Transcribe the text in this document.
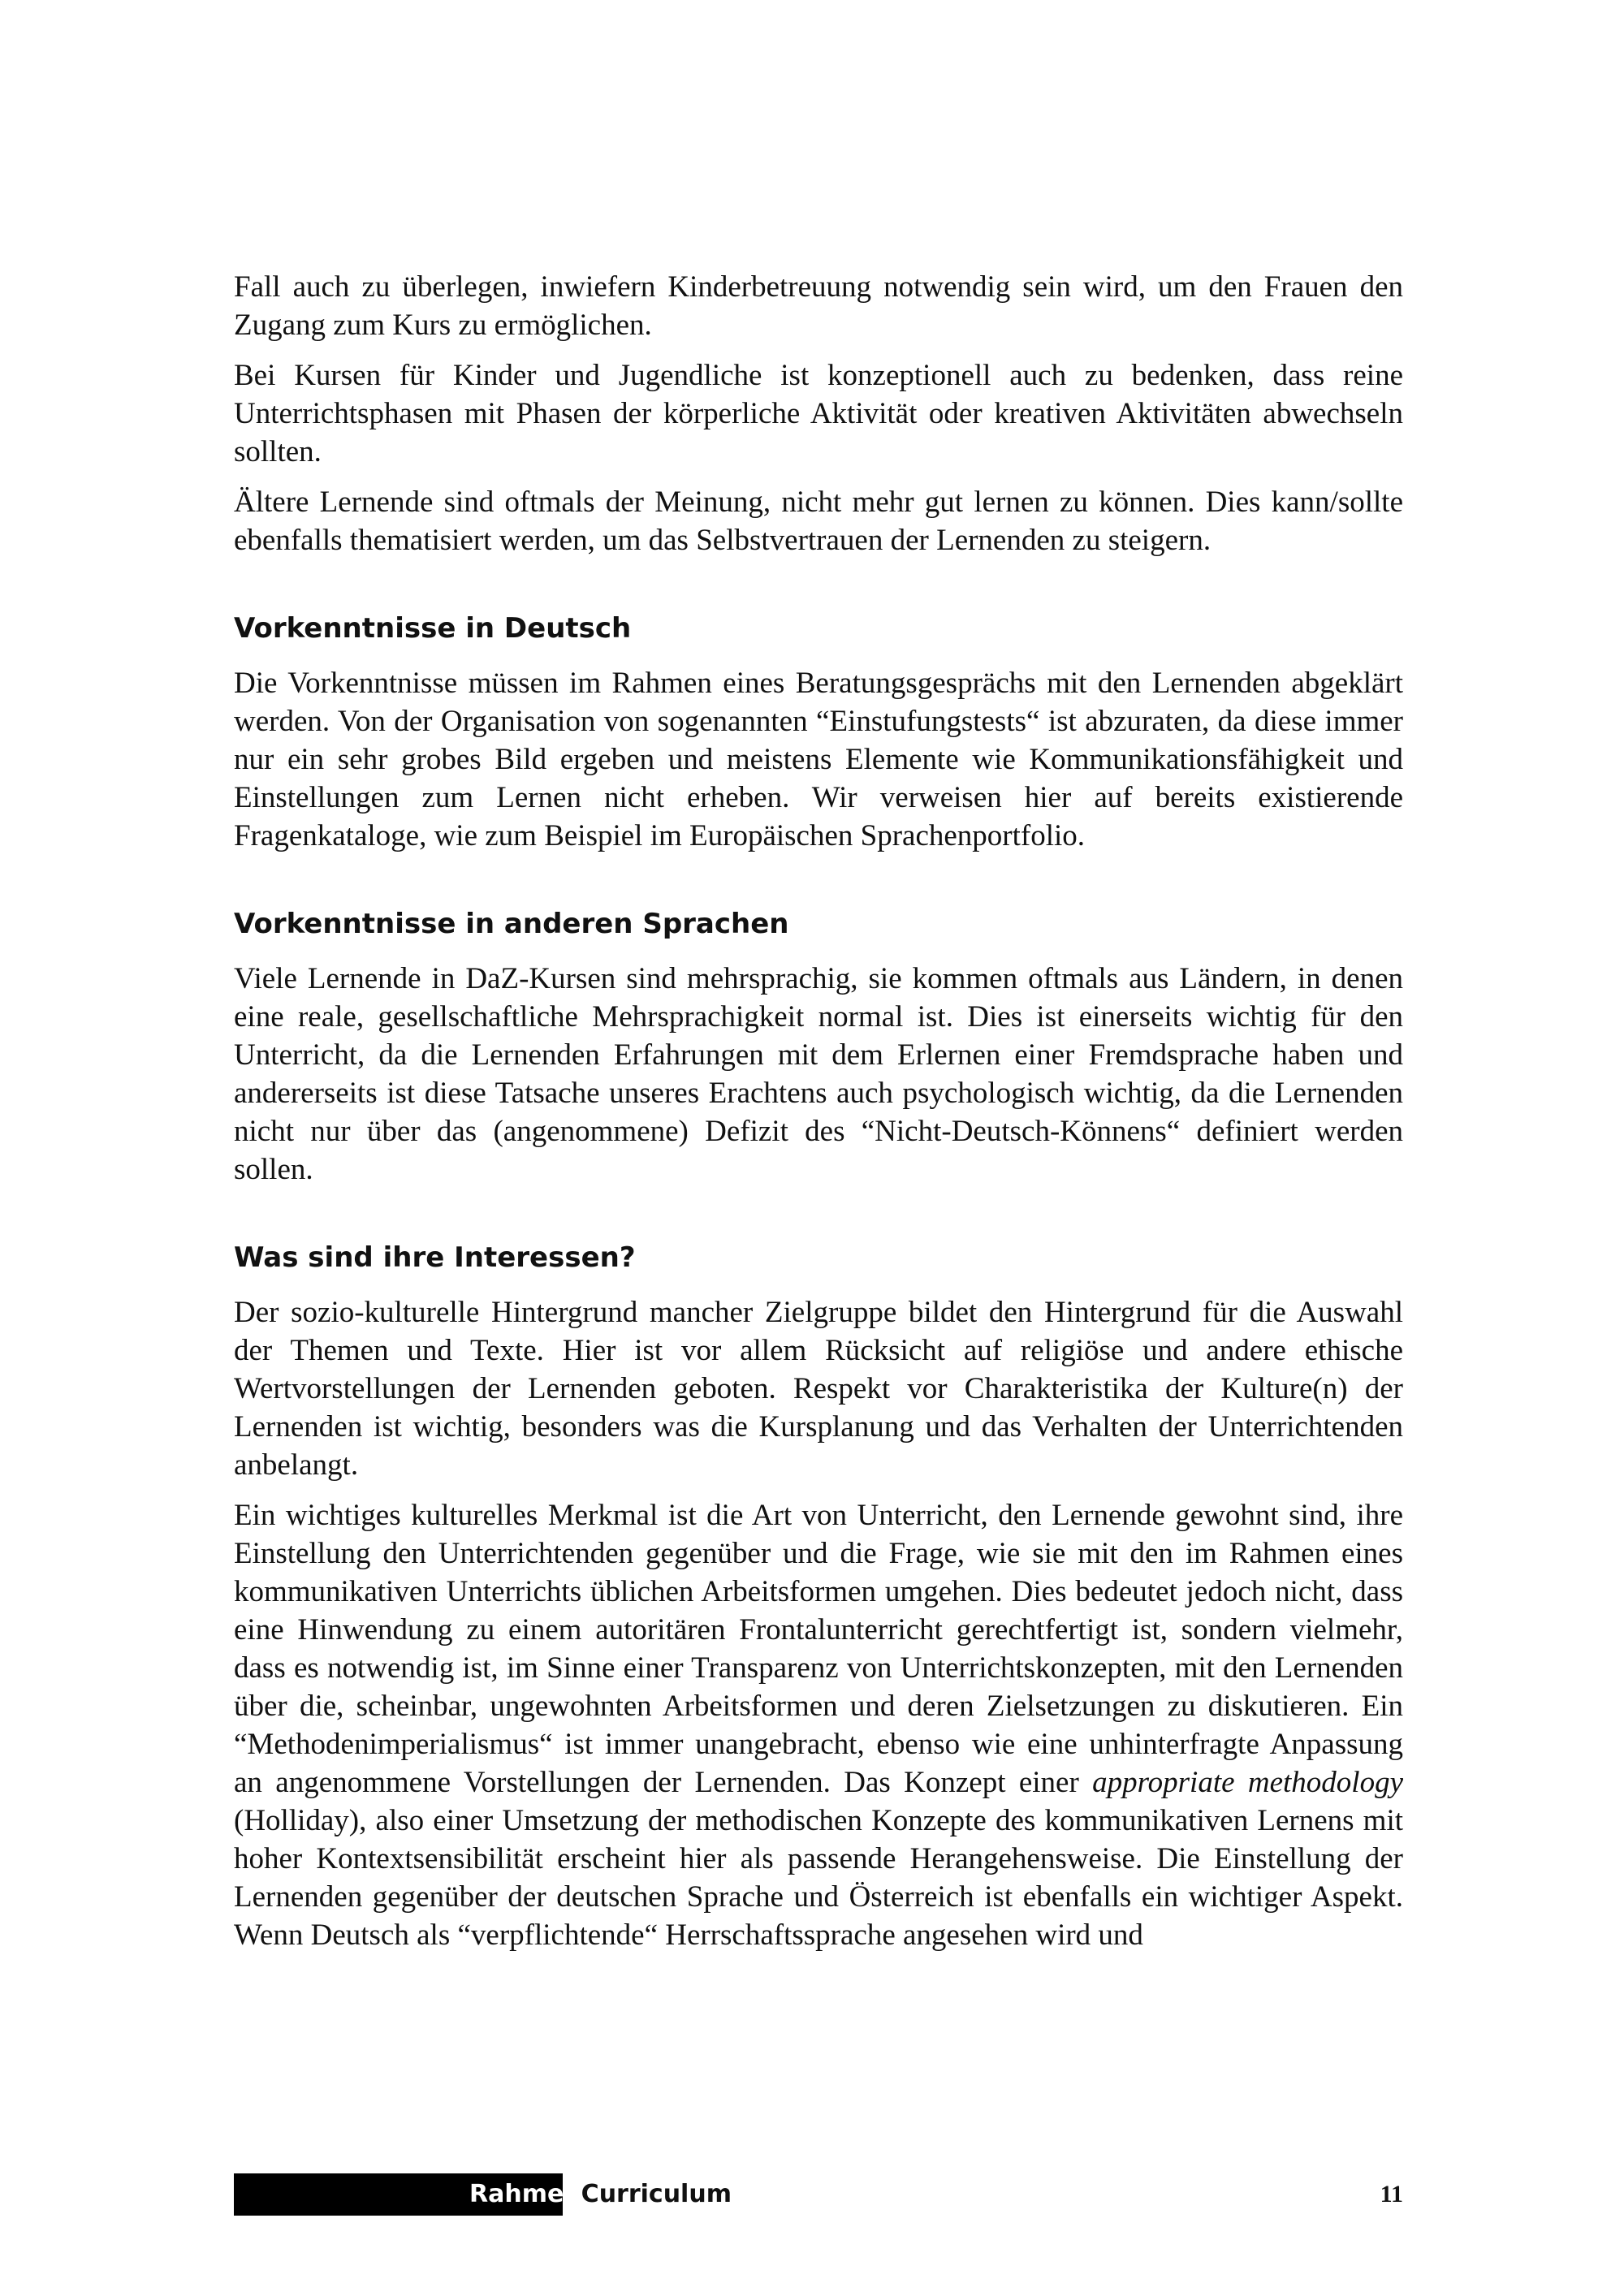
Fall auch zu überlegen, inwiefern Kinderbetreuung notwendig sein wird, um den Frauen den Zugang zum Kurs zu ermöglichen.

Bei Kursen für Kinder und Jugendliche ist konzeptionell auch zu bedenken, dass reine Unterrichtsphasen mit Phasen der körperliche Aktivität oder kreativen Aktivitäten abwechseln sollten.

Ältere Lernende sind oftmals der Meinung, nicht mehr gut lernen zu können. Dies kann/sollte ebenfalls thematisiert werden, um das Selbstvertrauen der Lernenden zu steigern.

Vorkenntnisse in Deutsch

Die Vorkenntnisse müssen im Rahmen eines Beratungsgesprächs mit den Lernenden abgeklärt werden. Von der Organisation von sogenannten “Einstufungstests“ ist abzuraten, da diese immer nur ein sehr grobes Bild ergeben und meistens Elemente wie Kommunikationsfähigkeit und Einstellungen zum Lernen nicht erheben. Wir verweisen hier auf bereits existierende Fragenkataloge, wie zum Beispiel im Europäischen Sprachenportfolio.

Vorkenntnisse in anderen Sprachen

Viele Lernende in DaZ-Kursen sind mehrsprachig, sie kommen oftmals aus Ländern, in denen eine reale, gesellschaftliche Mehrsprachigkeit normal ist. Dies ist einerseits wichtig für den Unterricht, da die Lernenden Erfahrungen mit dem Erlernen einer Fremdsprache haben und andererseits ist diese Tatsache unseres Erachtens auch psychologisch wichtig, da die Lernenden nicht nur über das (angenommene) Defizit des “Nicht-Deutsch-Könnens“ definiert werden sollen.

Was sind ihre Interessen?

Der sozio-kulturelle Hintergrund mancher Zielgruppe bildet den Hintergrund für die Auswahl der Themen und Texte. Hier ist vor allem Rücksicht auf religiöse und andere ethische Wertvorstellungen der Lernenden geboten. Respekt vor Charakteristika der Kulture(n) der Lernenden ist wichtig, besonders was die Kursplanung und das Verhalten der Unterrichtenden anbelangt.

Ein wichtiges kulturelles Merkmal ist die Art von Unterricht, den Lernende gewohnt sind, ihre Einstellung den Unterrichtenden gegenüber und die Frage, wie sie mit den im Rahmen eines kommunikativen Unterrichts üblichen Arbeitsformen umgehen. Dies bedeutet jedoch nicht, dass eine Hinwendung zu einem autoritären Frontalunterricht gerechtfertigt ist, sondern vielmehr, dass es notwendig ist, im Sinne einer Transparenz von Unterrichtskonzepten, mit den Lernenden über die, scheinbar, ungewohnten Arbeitsformen und deren Zielsetzungen zu diskutieren. Ein “Methodenimperialismus“ ist immer unangebracht, ebenso wie eine unhinterfragte Anpassung an angenommene Vorstellungen der Lernenden. Das Konzept einer appropriate methodology (Holliday), also einer Umsetzung der methodischen Konzepte des kommunikativen Lernens mit hoher Kontextsensibilität erscheint hier als passende Herangehensweise. Die Einstellung der Lernenden gegenüber der deutschen Sprache und Österreich ist ebenfalls ein wichtiger Aspekt. Wenn Deutsch als “verpflichtende“ Herrschaftssprache angesehen wird und

RahmenCurriculum	11
